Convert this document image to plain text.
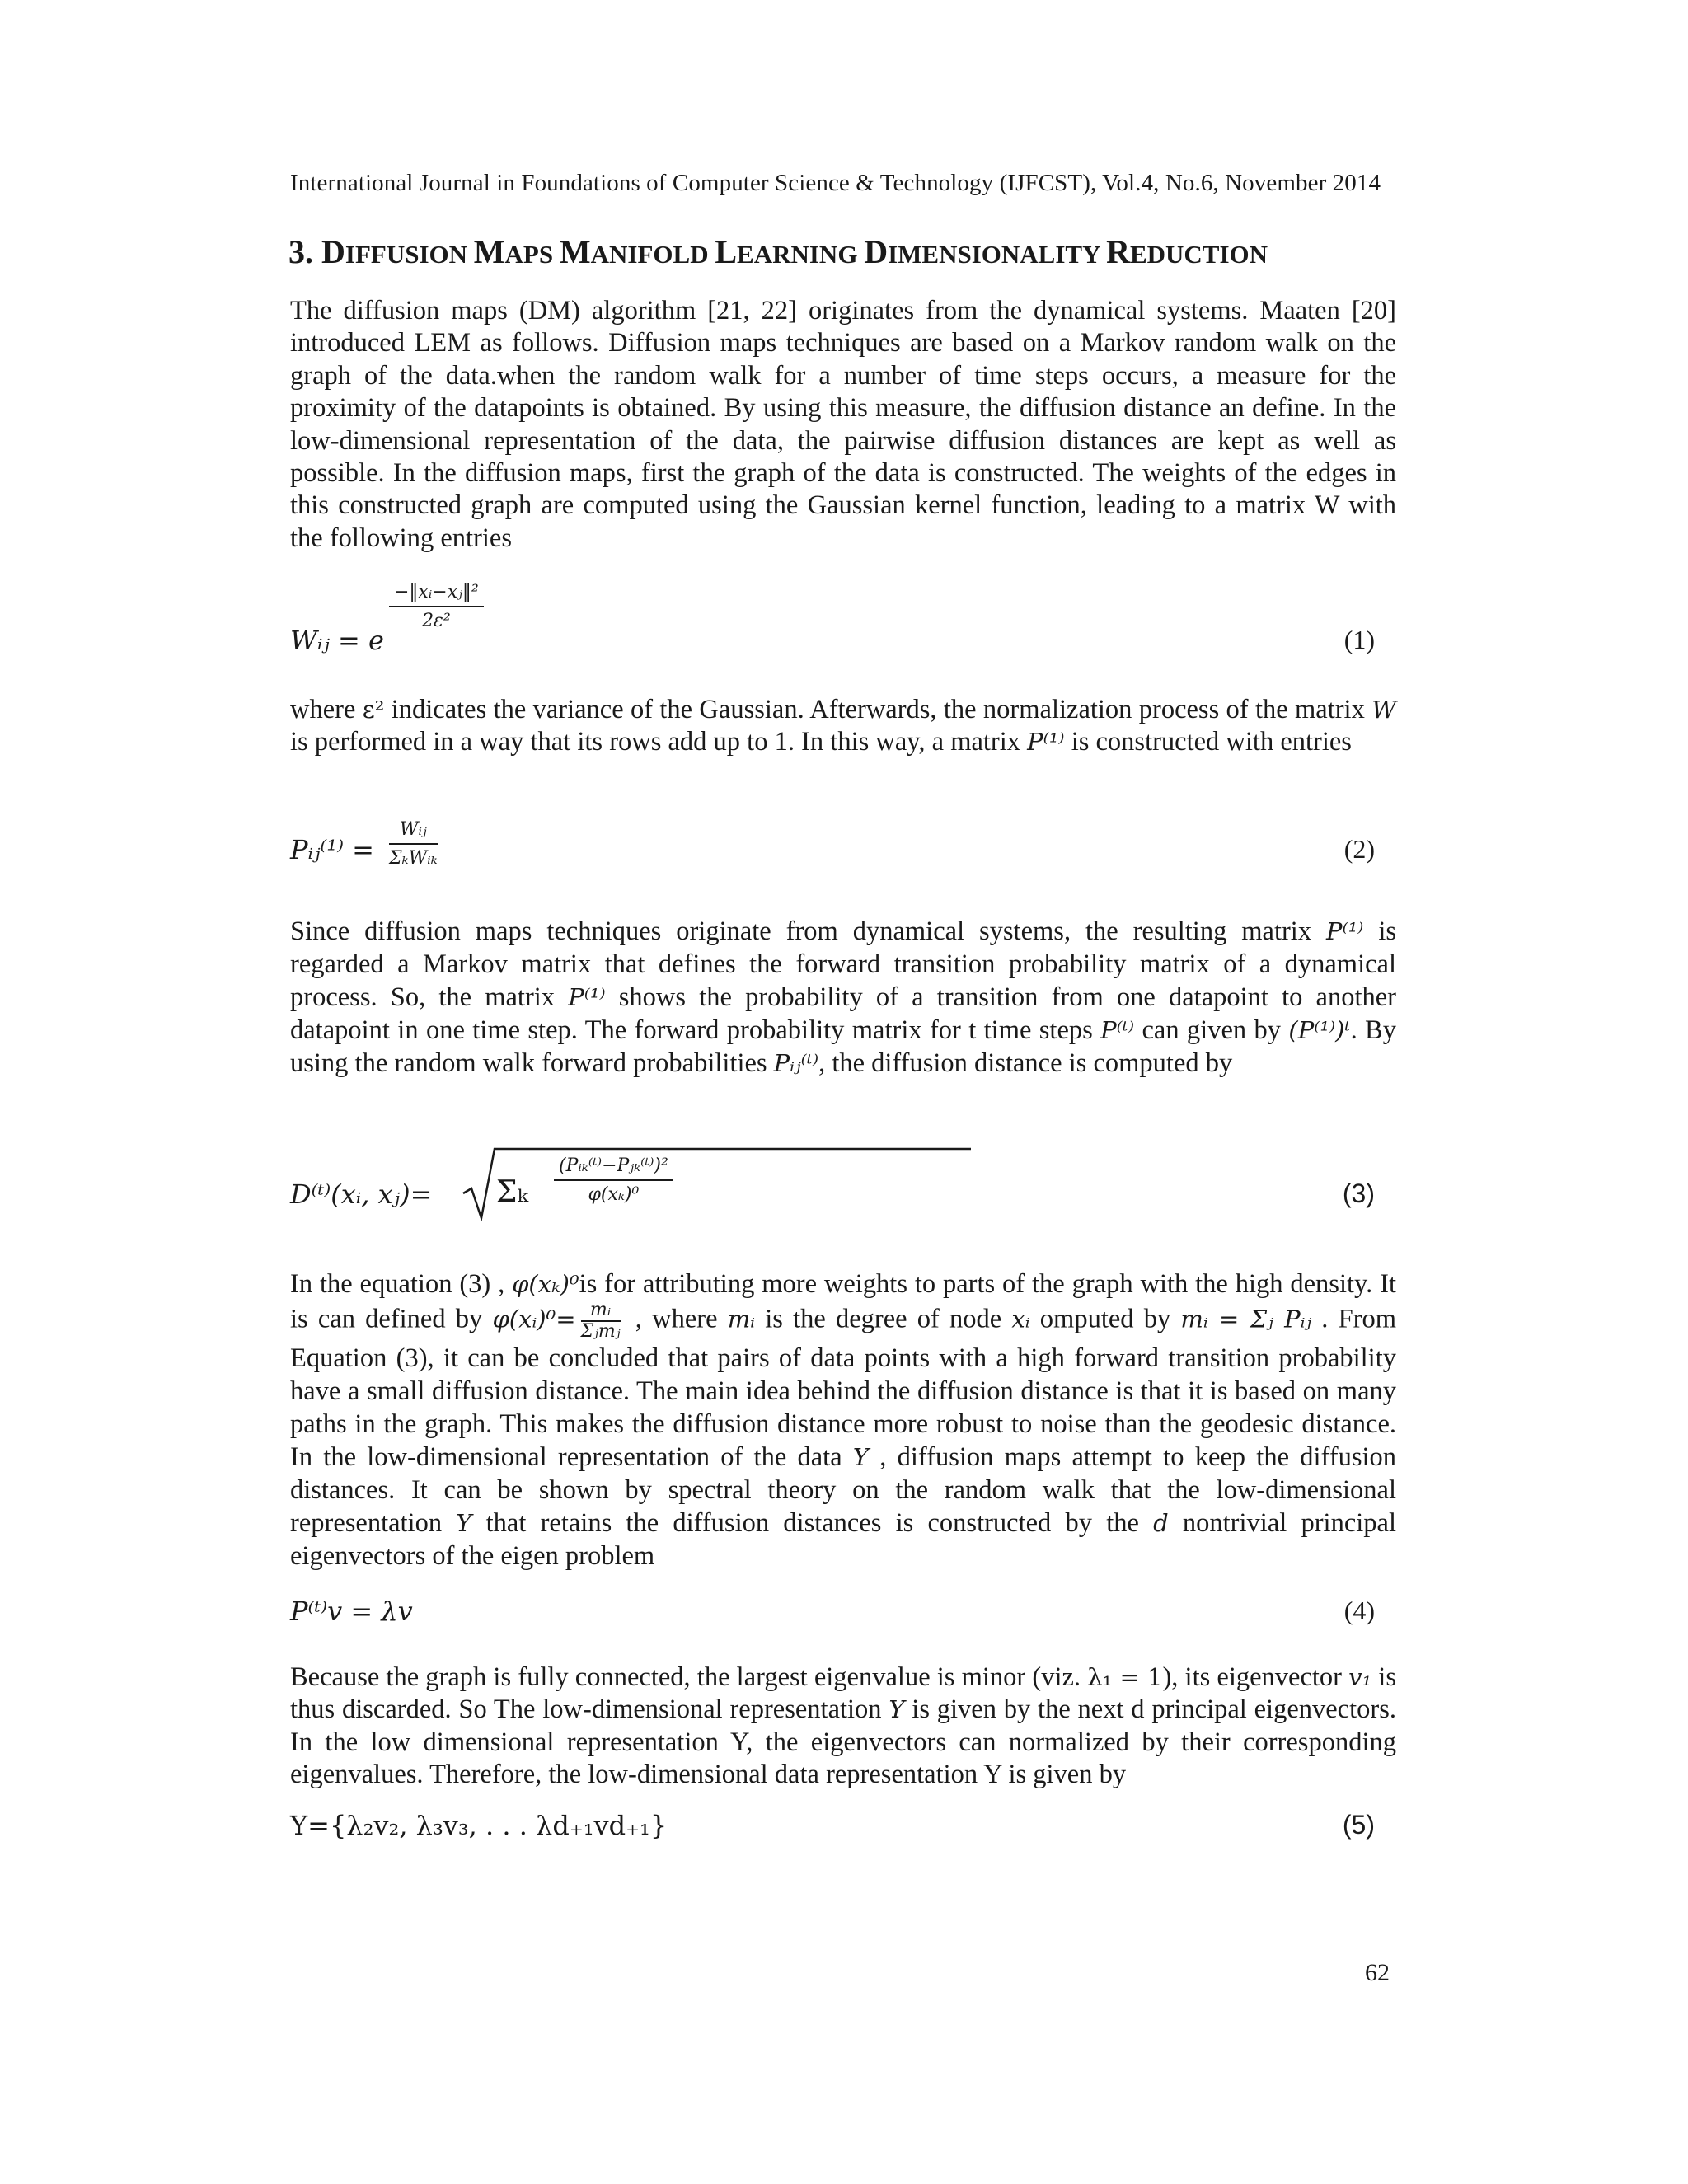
International Journal in Foundations of Computer Science & Technology (IJFCST), Vol.4, No.6, November 2014
3. DIFFUSION MAPS MANIFOLD LEARNING DIMENSIONALITY REDUCTION

The diffusion maps (DM) algorithm [21, 22] originates from the dynamical systems. Maaten [20] introduced LEM as follows. Diffusion maps techniques are based on a Markov random walk on the graph of the data.when the random walk for a number of time steps occurs, a measure for the proximity of the datapoints is obtained. By using this measure, the diffusion distance an define. In the low-dimensional representation of the data, the pairwise diffusion distances are kept as well as possible. In the diffusion maps, first the graph of the data is constructed. The weights of the edges in this constructed graph are computed using the Gaussian kernel function, leading to a matrix W with the following entries

Wᵢⱼ = e
−‖xᵢ−xⱼ‖²
2ɛ²
(1)

where ɛ² indicates the variance of the Gaussian. Afterwards, the normalization process of the matrix W is performed in a way that its rows add up to 1. In this way, a matrix P⁽¹⁾ is constructed with entries

Pᵢⱼ⁽¹⁾ =
Wᵢⱼ
ΣₖWᵢₖ	(2)

Since diffusion maps techniques originate from dynamical systems, the resulting matrix P⁽¹⁾ is regarded a Markov matrix that defines the forward transition probability matrix of a dynamical process. So, the matrix P⁽¹⁾ shows the probability of a transition from one datapoint to another datapoint in one time step. The forward probability matrix for t time steps P⁽ᵗ⁾ can given by (P⁽¹⁾)ᵗ. By using the random walk forward probabilities Pᵢⱼ⁽ᵗ⁾, the diffusion distance is computed by

D⁽ᵗ⁾(xᵢ, xⱼ)= Σₖ
(Pᵢₖ⁽ᵗ⁾−Pⱼₖ⁽ᵗ⁾)²
φ(xₖ)⁰	(3)

In the equation (3) , φ(xₖ)⁰is for attributing more weights to parts of the graph with the high density. It is can defined by φ(xᵢ)⁰= mᵢ
Σⱼmⱼ , where mᵢ is the degree of node xᵢ omputed by mᵢ = Σⱼ Pᵢⱼ . From Equation (3), it can be concluded that pairs of data points with a high forward transition probability have a small diffusion distance. The main idea behind the diffusion distance is that it is based on many paths in the graph. This makes the diffusion distance more robust to noise than the geodesic distance. In the low-dimensional representation of the data Y , diffusion maps attempt to keep the diffusion distances. It can be shown by spectral theory on the random walk that the low-dimensional representation Y that retains the diffusion distances is constructed by the d nontrivial principal eigenvectors of the eigen problem

P⁽ᵗ⁾v = λv	(4)

Because the graph is fully connected, the largest eigenvalue is minor (viz. λ₁ = 1), its eigenvector v₁ is thus discarded. So The low-dimensional representation Y is given by the next d principal eigenvectors. In the low dimensional representation Y, the eigenvectors can normalized by their corresponding eigenvalues. Therefore, the low-dimensional data representation Y is given by

Y={λ₂v₂, λ₃v₃, . . . λd₊₁vd₊₁}	(5)
62
